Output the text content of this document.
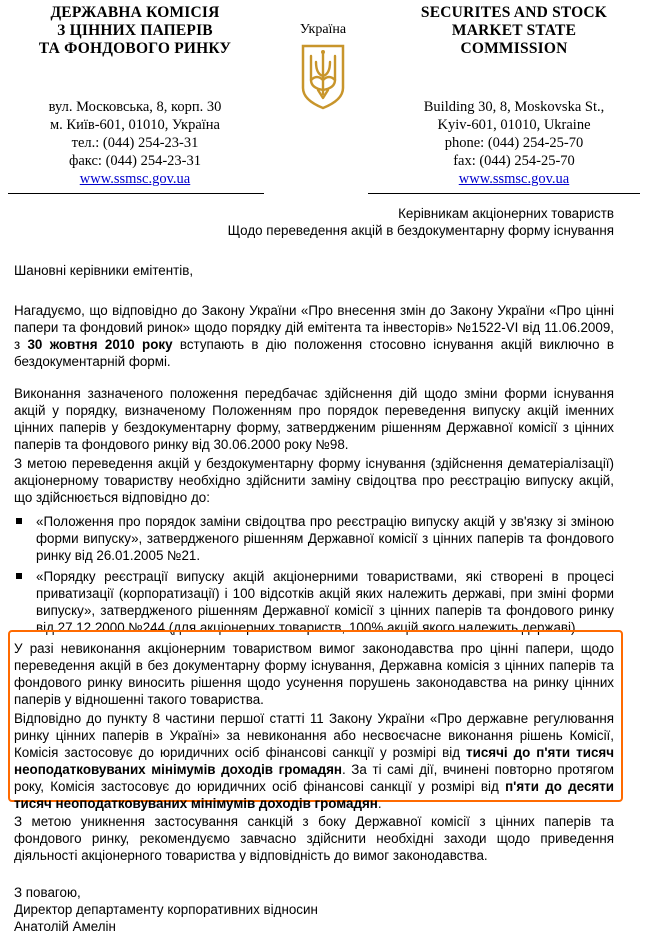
ДЕРЖАВНА КОМІСІЯ
З ЦІННИХ ПАПЕРІВ
ТА ФОНДОВОГО РИНКУ
вул. Московська, 8, корп. 30
м. Київ-601, 01010, Україна
тел.: (044) 254-23-31
факс: (044) 254-23-31
www.ssmsc.gov.ua
Україна
SECURITES AND STOCK
MARKET STATE
COMMISSION
Building 30, 8, Moskovska St.,
Kyiv-601, 01010, Ukraine
phone: (044) 254-25-70
fax: (044) 254-25-70
www.ssmsc.gov.ua
Керівникам акціонерних товариств
Щодо переведення акцій в бездокументарну форму існування
Шановні керівники емітентів,

Нагадуємо, що відповідно до Закону України «Про внесення змін до Закону України «Про цінні папери та фондовий ринок» щодо порядку дій емітента та інвесторів» №1522-VI від 11.06.2009, з 30 жовтня 2010 року вступають в дію положення стосовно існування акцій виключно в бездокументарній формі.

Виконання зазначеного положення передбачає здійснення дій щодо зміни форми існування акцій у порядку, визначеному Положенням про порядок переведення випуску акцій іменних цінних паперів у бездокументарну форму, затвердженим рішенням Державної комісії з цінних паперів та фондового ринку від 30.06.2000 року №98.

З метою переведення акцій у бездокументарну форму існування (здійснення дематеріалізації) акціонерному товариству необхідно здійснити заміну свідоцтва про реєстрацію випуску акцій, що здійснюється відповідно до:

«Положення про порядок заміни свідоцтва про реєстрацію випуску акцій у зв'язку зі зміною форми випуску», затвердженого рішенням Державної комісії з цінних паперів та фондового ринку від 26.01.2005 №21.
«Порядку реєстрації випуску акцій акціонерними товариствами, які створені в процесі приватизації (корпоратизації) і 100 відсотків акцій яких належить державі, при зміні форми випуску», затвердженого рішенням Державної комісії з цінних паперів та фондового ринку від 27.12.2000 №244 (для акціонерних товариств, 100% акцій якого належить державі).

У разі невиконання акціонерним товариством вимог законодавства про цінні папери, щодо переведення акцій в без документарну форму існування, Державна комісія з цінних паперів та фондового ринку виносить рішення щодо усунення порушень законодавства на ринку цінних паперів у відношенні такого товариства.

Відповідно до пункту 8 частини першої статті 11 Закону України «Про державне регулювання ринку цінних паперів в Україні» за невиконання або несвоєчасне виконання рішень Комісії, Комісія застосовує до юридичних осіб фінансові санкції у розмірі від тисячі до п'яти тисяч неоподатковуваних мінімумів доходів громадян. За ті самі дії, вчинені повторно протягом року, Комісія застосовує до юридичних осіб фінансові санкції у розмірі від п'яти до десяти тисяч неоподатковуваних мінімумів доходів громадян.

З метою уникнення застосування санкцій з боку Державної комісії з цінних паперів та фондового ринку, рекомендуємо завчасно здійснити необхідні заходи щодо приведення діяльності акціонерного товариства у відповідність до вимог законодавства.

З повагою,
Директор департаменту корпоративних відносин
Анатолій Амелін
